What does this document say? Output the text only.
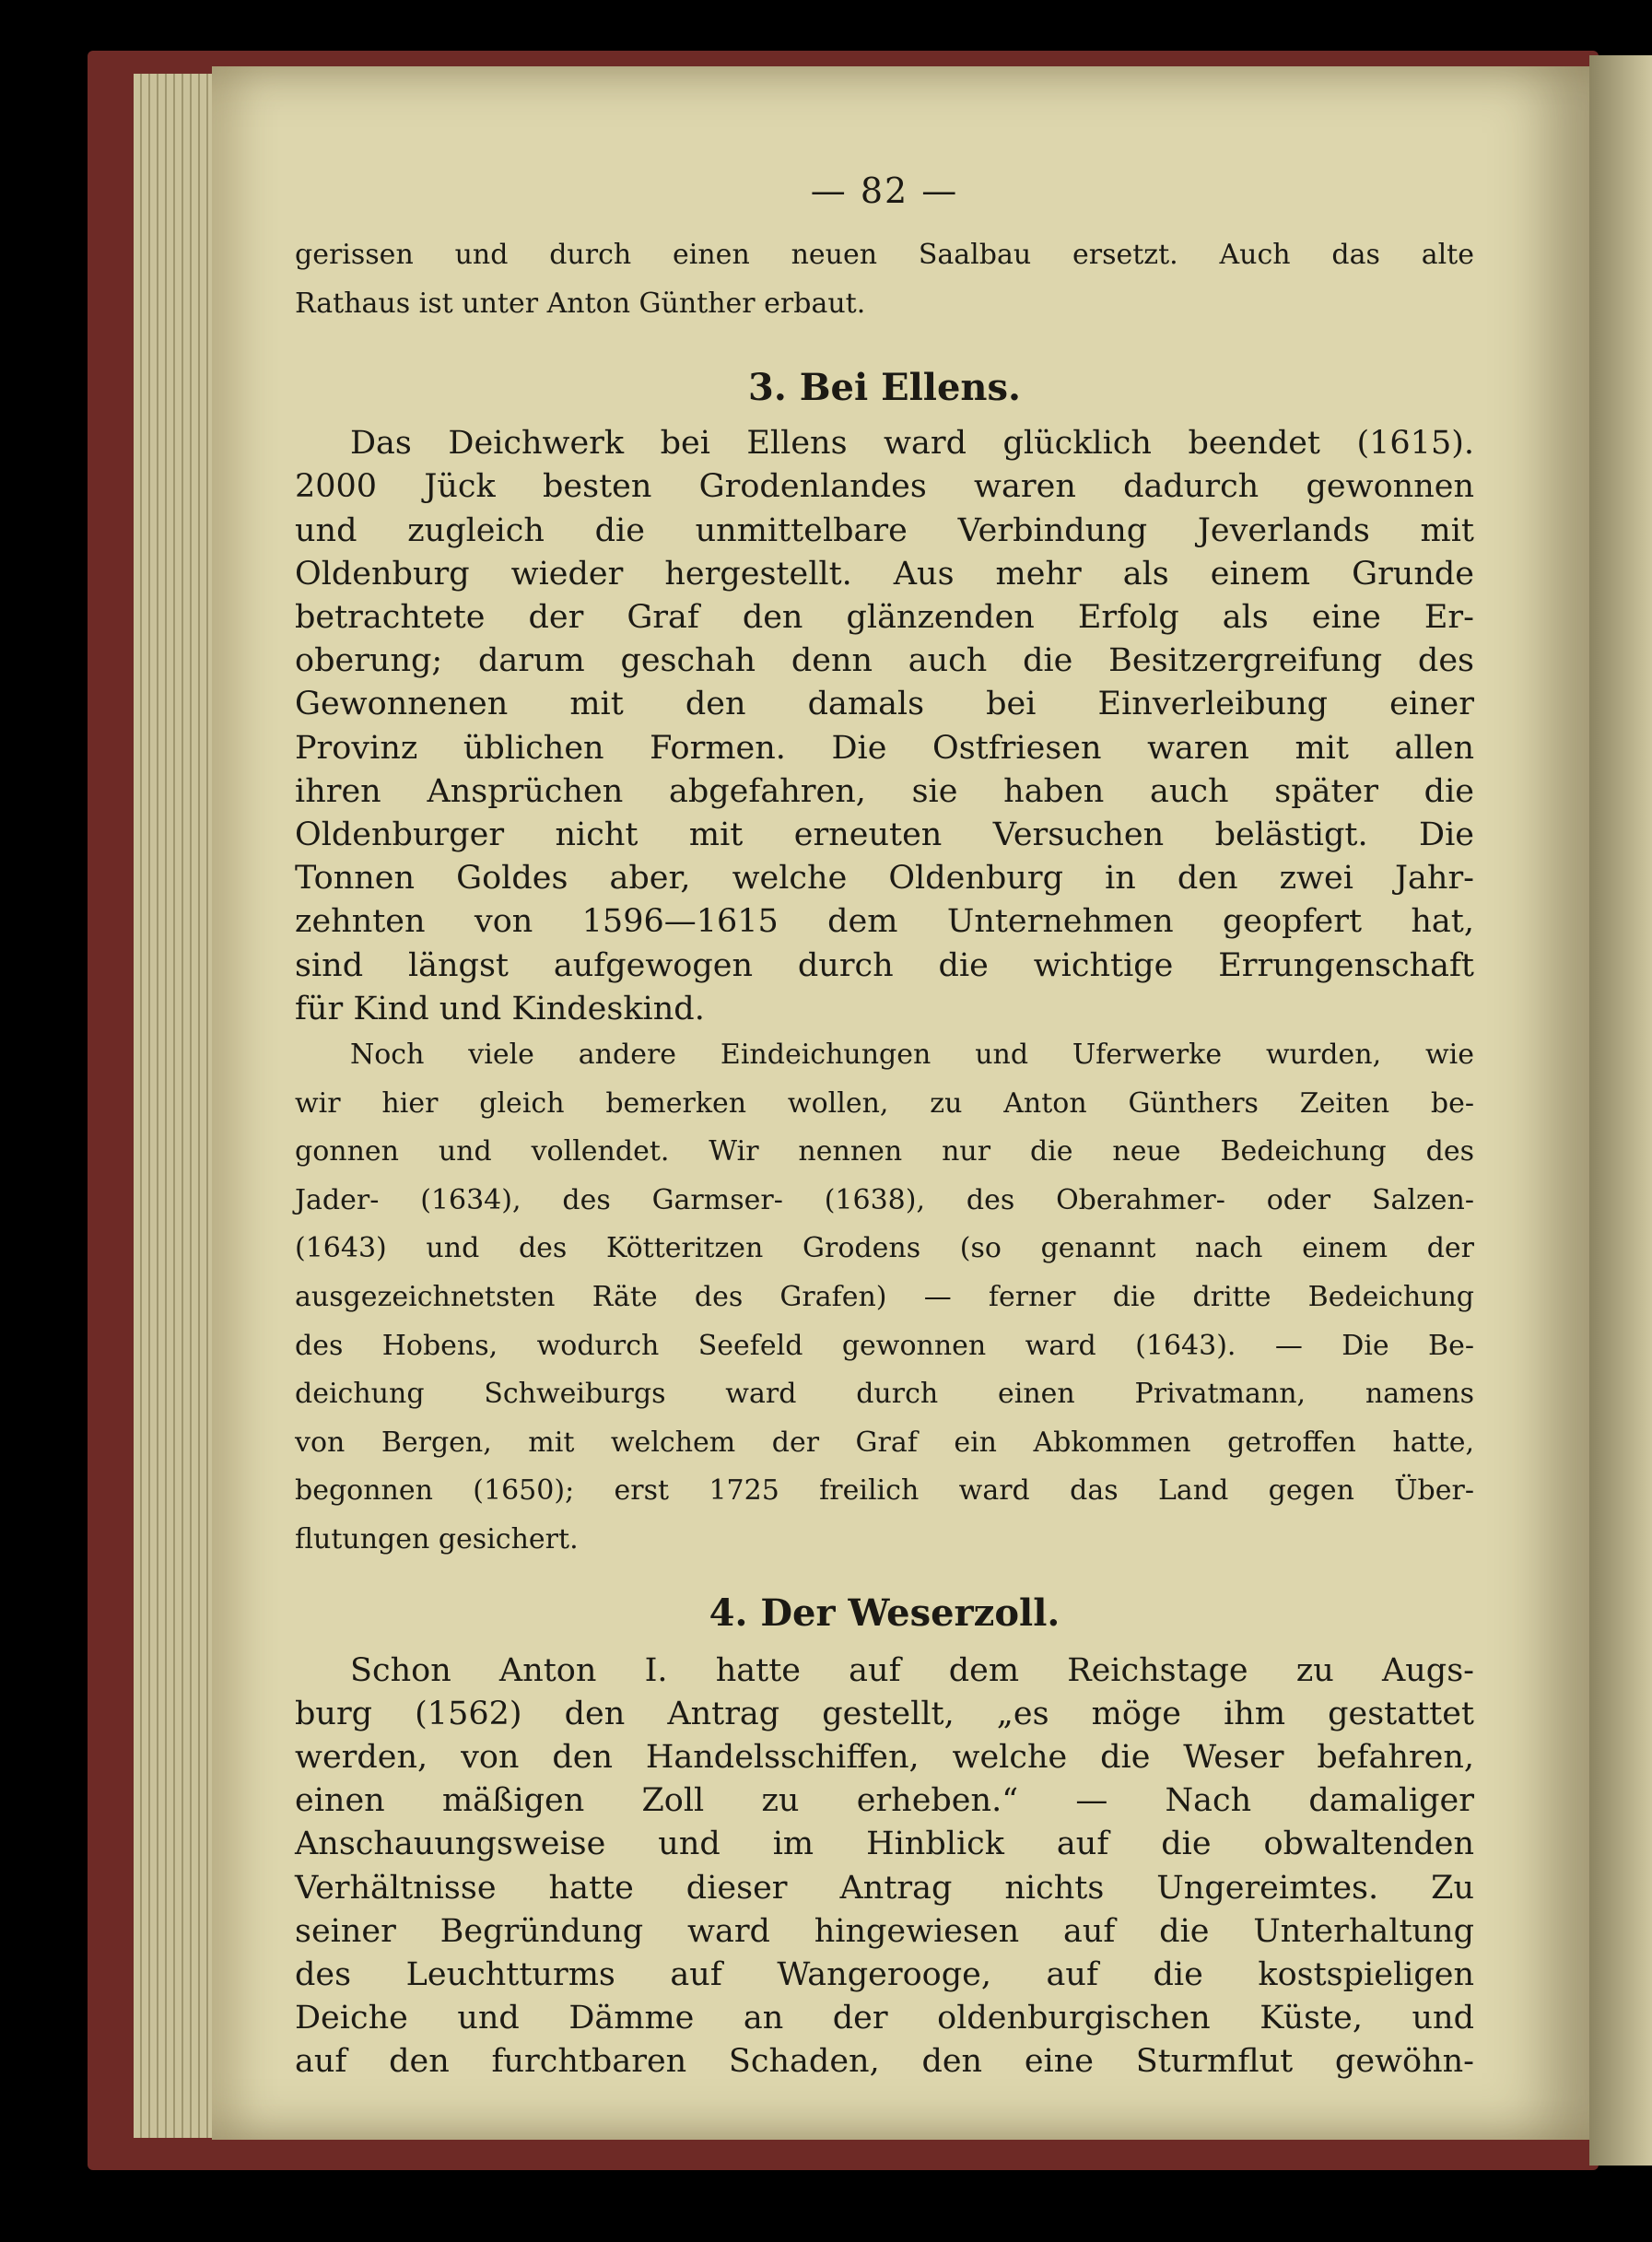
— 82 —
gerissen und durch einen neuen Saalbau ersetzt. Auch das alte
Rathaus ist unter Anton Günther erbaut.
3. Bei Ellens.
Das Deichwerk bei Ellens ward glücklich beendet (1615).
2000 Jück besten Grodenlandes waren dadurch gewonnen
und zugleich die unmittelbare Verbindung Jeverlands mit
Oldenburg wieder hergestellt. Aus mehr als einem Grunde
betrachtete der Graf den glänzenden Erfolg als eine Er-
oberung; darum geschah denn auch die Besitzergreifung des
Gewonnenen mit den damals bei Einverleibung einer
Provinz üblichen Formen. Die Ostfriesen waren mit allen
ihren Ansprüchen abgefahren, sie haben auch später die
Oldenburger nicht mit erneuten Versuchen belästigt. Die
Tonnen Goldes aber, welche Oldenburg in den zwei Jahr-
zehnten von 1596—1615 dem Unternehmen geopfert hat,
sind längst aufgewogen durch die wichtige Errungenschaft
für Kind und Kindeskind.
Noch viele andere Eindeichungen und Uferwerke wurden, wie
wir hier gleich bemerken wollen, zu Anton Günthers Zeiten be-
gonnen und vollendet. Wir nennen nur die neue Bedeichung des
Jader- (1634), des Garmser- (1638), des Oberahmer- oder Salzen-
(1643) und des Kötteritzen Grodens (so genannt nach einem der
ausgezeichnetsten Räte des Grafen) — ferner die dritte Bedeichung
des Hobens, wodurch Seefeld gewonnen ward (1643). — Die Be-
deichung Schweiburgs ward durch einen Privatmann, namens
von Bergen, mit welchem der Graf ein Abkommen getroffen hatte,
begonnen (1650); erst 1725 freilich ward das Land gegen Über-
flutungen gesichert.
4. Der Weserzoll.
Schon Anton I. hatte auf dem Reichstage zu Augs-
burg (1562) den Antrag gestellt, „es möge ihm gestattet
werden, von den Handelsschiffen, welche die Weser befahren,
einen mäßigen Zoll zu erheben.“ — Nach damaliger
Anschauungsweise und im Hinblick auf die obwaltenden
Verhältnisse hatte dieser Antrag nichts Ungereimtes. Zu
seiner Begründung ward hingewiesen auf die Unterhaltung
des Leuchtturms auf Wangerooge, auf die kostspieligen
Deiche und Dämme an der oldenburgischen Küste, und
auf den furchtbaren Schaden, den eine Sturmflut gewöhn-
